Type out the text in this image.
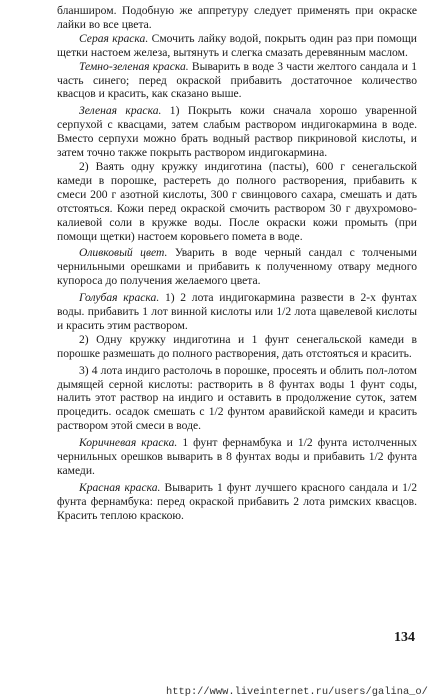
бланширом. Подобную же аппретуру следует применять при окраске лайки во все цвета.

Серая краска. Смочить лайку водой, покрыть один раз при помощи щетки настоем железа, вытянуть и слегка смазать деревянным маслом.

Темно-зеленая краска. Выварить в воде 3 части желтого сандала и 1 часть синего; перед окраской прибавить достаточное количество квасцов и красить, как сказано выше.

Зеленая краска. 1) Покрыть кожи сначала хорошо уваренной серпухой с квасцами, затем слабым раствором индигокармина в воде. Вместо серпухи можно брать водный раствор пикриновой кислоты, и затем точно также покрыть раствором индигокармина.

2) Ваять одну кружку индиготина (пасты), 600 г сенегальской камеди в порошке, растереть до полного растворения, прибавить к смеси 200 г азотной кислоты, 300 г свинцового сахара, смешать и дать отстояться. Кожи перед окраской смочить раствором 30 г двухромово-калиевой соли в кружке воды. После окраски кожи промыть (при помощи щетки) настоем коровьего помета в воде.

Оливковый цвет. Уварить в воде черный сандал с толчеными чернильными орешками и прибавить к полученному отвару медного купороса до получения желаемого цвета.

Голубая краска. 1) 2 лота индигокармина развести в 2-х фунтах воды. прибавить 1 лот винной кислоты или 1/2 лота щавелевой кислоты и красить этим раствором.

2) Одну кружку индиготина и 1 фунт сенегальской камеди в порошке размешать до полного растворения, дать отстояться и красить.

3) 4 лота индиго растолочь в порошке, просеять и облить пол-лотом дымящей серной кислоты: растворить в 8 фунтах воды 1 фунт соды, налить этот раствор на индиго и оставить в продолжение суток, затем процедить. осадок смешать с 1/2 фунтом аравийской камеди и красить раствором этой смеси в воде.

Коричневая краска. 1 фунт фернамбука и 1/2 фунта истолченных чернильных орешков выварить в 8 фунтах воды и прибавить 1/2 фунта камеди.

Красная краска. Выварить 1 фунт лучшего красного сандала и 1/2 фунта фернамбука: перед окраской прибавить 2 лота римских квасцов. Красить теплою краскою.

134
http://www.liveinternet.ru/users/galina_o/
